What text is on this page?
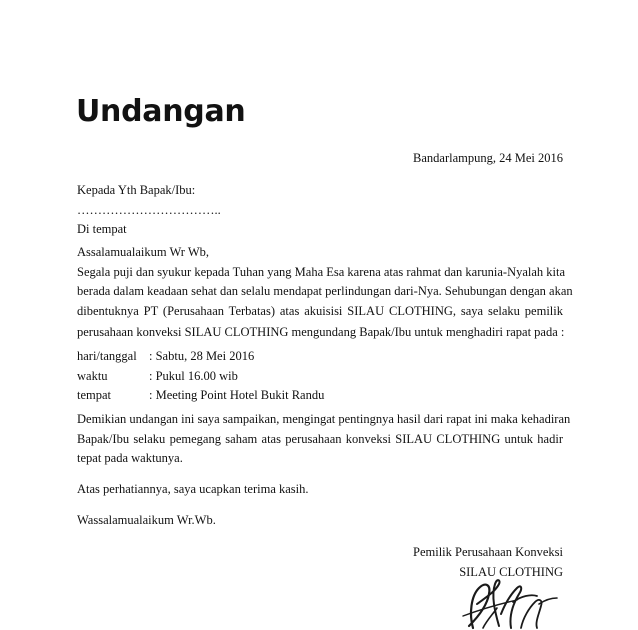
Undangan
Bandarlampung, 24 Mei 2016
Kepada Yth Bapak/Ibu:
……………………………..
Di tempat
Assalamualaikum Wr Wb,
Segala puji dan syukur kepada Tuhan yang Maha Esa karena atas rahmat dan karunia-Nyalah kita
berada dalam keadaan sehat dan selalu mendapat perlindungan dari-Nya. Sehubungan dengan akan
dibentuknya PT (Perusahaan Terbatas) atas akuisisi SILAU CLOTHING, saya selaku pemilik
perusahaan konveksi SILAU CLOTHING mengundang Bapak/Ibu untuk menghadiri rapat pada :
hari/tanggal : Sabtu, 28 Mei 2016
waktu	: Pukul 16.00 wib
tempat	: Meeting Point Hotel Bukit Randu
Demikian undangan ini saya sampaikan, mengingat pentingnya hasil dari rapat ini maka kehadiran
Bapak/Ibu selaku pemegang saham atas perusahaan konveksi SILAU CLOTHING untuk hadir
tepat pada waktunya.
Atas perhatiannya, saya ucapkan terima kasih.
Wassalamualaikum Wr.Wb.
Pemilik Perusahaan Konveksi
SILAU CLOTHING
